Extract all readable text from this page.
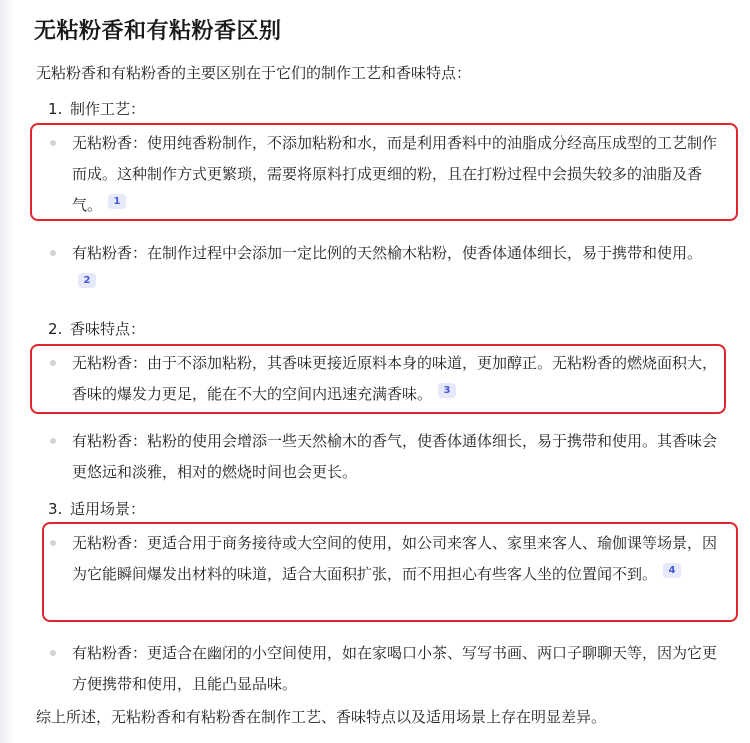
无粘粉香和有粘粉香区别
无粘粉香和有粘粉香的主要区别在于它们的制作工艺和香味特点：
1. 制作工艺：
无粘粉香：使用纯香粉制作，不添加粘粉和水，而是利用香料中的油脂成分经高压成型的工艺制作而成。这种制作方式更繁琐，需要将原料打成更细的粉，且在打粉过程中会损失较多的油脂及香气。 1
有粘粉香：在制作过程中会添加一定比例的天然榆木粘粉，使香体通体细长，易于携带和使用。2
2. 香味特点：
无粘粉香：由于不添加粘粉，其香味更接近原料本身的味道，更加醇正。无粘粉香的燃烧面积大，香味的爆发力更足，能在不大的空间内迅速充满香味。 3
有粘粉香：粘粉的使用会增添一些天然榆木的香气，使香体通体细长，易于携带和使用。其香味会更悠远和淡雅，相对的燃烧时间也会更长。
3. 适用场景：
无粘粉香：更适合用于商务接待或大空间的使用，如公司来客人、家里来客人、瑜伽课等场景，因为它能瞬间爆发出材料的味道，适合大面积扩张，而不用担心有些客人坐的位置闻不到。 4
有粘粉香：更适合在幽闭的小空间使用，如在家喝口小茶、写写书画、两口子聊聊天等，因为它更方便携带和使用，且能凸显品味。
综上所述，无粘粉香和有粘粉香在制作工艺、香味特点以及适用场景上存在明显差异。
